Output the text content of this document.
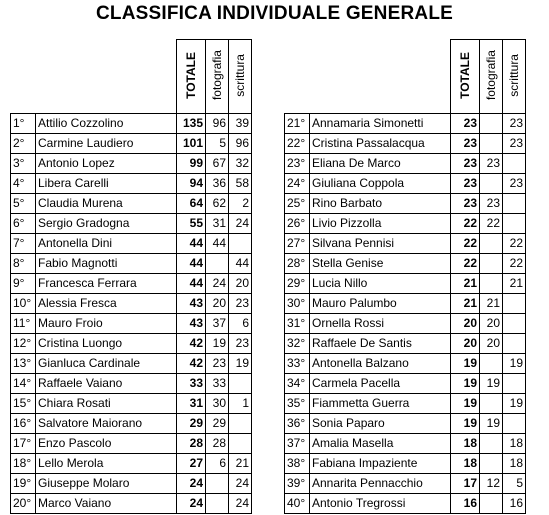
CLASSIFICA INDIVIDUALE GENERALE
		TOTALE	fotografia	scrittura
1°	Attilio Cozzolino	135	96	39
2°	Carmine Laudiero	101	5	96
3°	Antonio Lopez	99	67	32
4°	Libera Carelli	94	36	58
5°	Claudia Murena	64	62	2
6°	Sergio Gradogna	55	31	24
7°	Antonella Dini	44	44	
8°	Fabio Magnotti	44		44
9°	Francesca Ferrara	44	24	20
10°	Alessia Fresca	43	20	23
11°	Mauro Froio	43	37	6
12°	Cristina Luongo	42	19	23
13°	Gianluca Cardinale	42	23	19
14°	Raffaele Vaiano	33	33	
15°	Chiara Rosati	31	30	1
16°	Salvatore Maiorano	29	29	
17°	Enzo Pascolo	28	28	
18°	Lello Merola	27	6	21
19°	Giuseppe Molaro	24		24
20°	Marco Vaiano	24		24
		TOTALE	fotografia	scrittura
21°	Annamaria Simonetti	23		23
22°	Cristina Passalacqua	23		23
23°	Eliana De Marco	23	23	
24°	Giuliana Coppola	23		23
25°	Rino Barbato	23	23	
26°	Livio Pizzolla	22	22	
27°	Silvana Pennisi	22		22
28°	Stella Genise	22		22
29°	Lucia Nillo	21		21
30°	Mauro Palumbo	21	21	
31°	Ornella Rossi	20	20	
32°	Raffaele De Santis	20	20	
33°	Antonella Balzano	19		19
34°	Carmela Pacella	19	19	
35°	Fiammetta Guerra	19		19
36°	Sonia Paparo	19	19	
37°	Amalia Masella	18		18
38°	Fabiana Impaziente	18		18
39°	Annarita Pennacchio	17	12	5
40°	Antonio Tregrossi	16		16
